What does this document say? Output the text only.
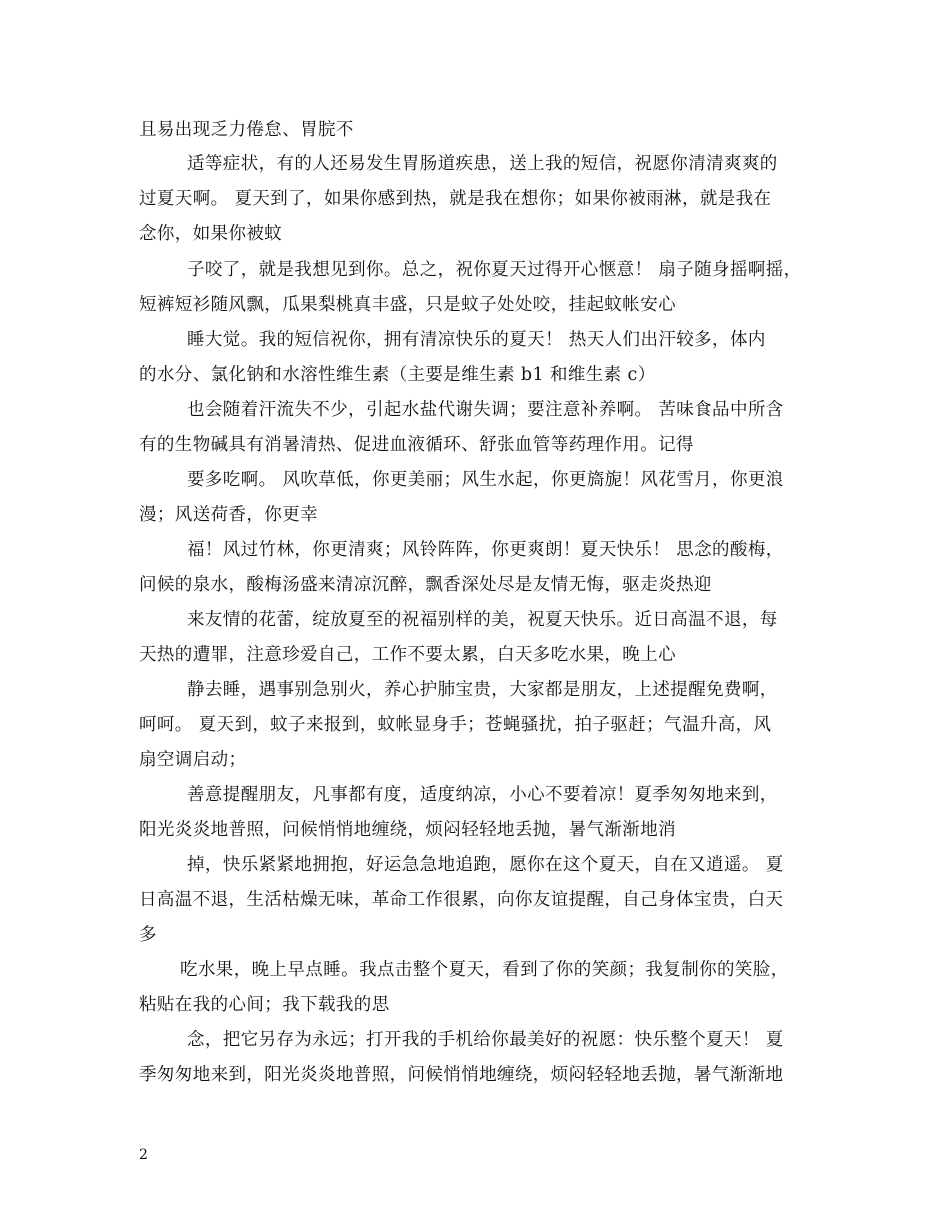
且易出现乏力倦怠、胃脘不
适等症状，有的人还易发生胃肠道疾患，送上我的短信，祝愿你清清爽爽的
过夏天啊。 夏天到了，如果你感到热，就是我在想你；如果你被雨淋，就是我在
念你，如果你被蚊
子咬了，就是我想见到你。总之，祝你夏天过得开心惬意！ 扇子随身摇啊摇，
短裤短衫随风飘，瓜果梨桃真丰盛，只是蚊子处处咬，挂起蚊帐安心
睡大觉。我的短信祝你，拥有清凉快乐的夏天！ 热天人们出汗较多，体内
的水分、氯化钠和水溶性维生素（主要是维生素 b1 和维生素 c）
也会随着汗流失不少，引起水盐代谢失调；要注意补养啊。 苦味食品中所含
有的生物碱具有消暑清热、促进血液循环、舒张血管等药理作用。记得
要多吃啊。 风吹草低，你更美丽；风生水起，你更旖旎！风花雪月，你更浪
漫；风送荷香，你更幸
福！风过竹林，你更清爽；风铃阵阵，你更爽朗！夏天快乐！ 思念的酸梅，
问候的泉水，酸梅汤盛来清凉沉醉，飘香深处尽是友情无悔，驱走炎热迎
来友情的花蕾，绽放夏至的祝福别样的美，祝夏天快乐。近日高温不退，每
天热的遭罪，注意珍爱自己，工作不要太累，白天多吃水果，晚上心
静去睡，遇事别急别火，养心护肺宝贵，大家都是朋友，上述提醒免费啊，
呵呵。 夏天到，蚊子来报到，蚊帐显身手；苍蝇骚扰，拍子驱赶；气温升高，风
扇空调启动；
善意提醒朋友，凡事都有度，适度纳凉，小心不要着凉！夏季匆匆地来到，
阳光炎炎地普照，问候悄悄地缠绕，烦闷轻轻地丢抛，暑气渐渐地消
掉，快乐紧紧地拥抱，好运急急地追跑，愿你在这个夏天，自在又逍遥。 夏
日高温不退，生活枯燥无味，革命工作很累，向你友谊提醒，自己身体宝贵，白天
多
吃水果，晚上早点睡。我点击整个夏天，看到了你的笑颜；我复制你的笑脸，
粘贴在我的心间；我下载我的思
念，把它另存为永远；打开我的手机给你最美好的祝愿：快乐整个夏天！ 夏
季匆匆地来到，阳光炎炎地普照，问候悄悄地缠绕，烦闷轻轻地丢抛，暑气渐渐地
2
